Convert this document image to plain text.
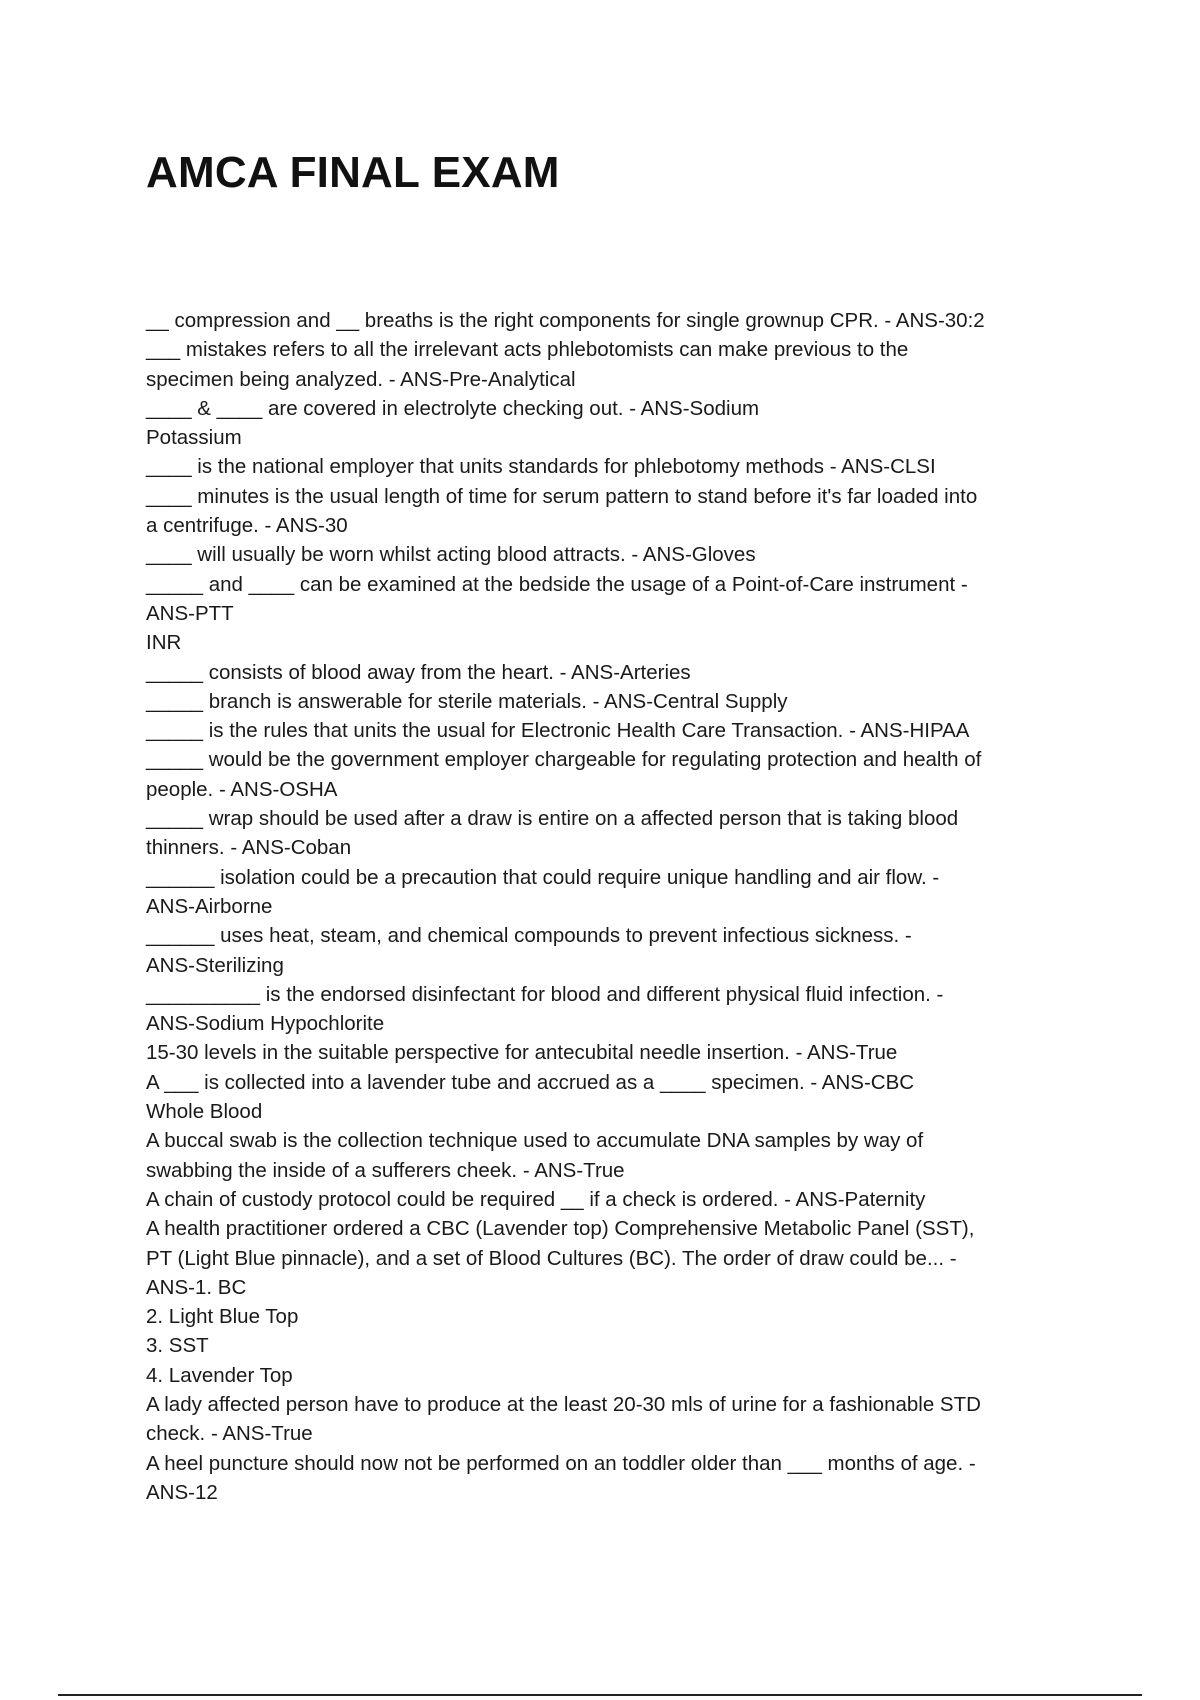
AMCA FINAL EXAM
__ compression and __ breaths is the right components for single grownup CPR. - ANS-30:2
___ mistakes refers to all the irrelevant acts phlebotomists can make previous to the
specimen being analyzed. - ANS-Pre-Analytical
____ & ____ are covered in electrolyte checking out. - ANS-Sodium
Potassium
____ is the national employer that units standards for phlebotomy methods - ANS-CLSI
____ minutes is the usual length of time for serum pattern to stand before it's far loaded into
a centrifuge. - ANS-30
____ will usually be worn whilst acting blood attracts. - ANS-Gloves
_____ and ____ can be examined at the bedside the usage of a Point-of-Care instrument -
ANS-PTT
INR
_____ consists of blood away from the heart. - ANS-Arteries
_____ branch is answerable for sterile materials. - ANS-Central Supply
_____ is the rules that units the usual for Electronic Health Care Transaction. - ANS-HIPAA
_____ would be the government employer chargeable for regulating protection and health of
people. - ANS-OSHA
_____ wrap should be used after a draw is entire on a affected person that is taking blood
thinners. - ANS-Coban
______ isolation could be a precaution that could require unique handling and air flow. -
ANS-Airborne
______ uses heat, steam, and chemical compounds to prevent infectious sickness. -
ANS-Sterilizing
__________ is the endorsed disinfectant for blood and different physical fluid infection. -
ANS-Sodium Hypochlorite
15-30 levels in the suitable perspective for antecubital needle insertion. - ANS-True
A ___ is collected into a lavender tube and accrued as a ____ specimen. - ANS-CBC
Whole Blood
A buccal swab is the collection technique used to accumulate DNA samples by way of
swabbing the inside of a sufferers cheek. - ANS-True
A chain of custody protocol could be required __ if a check is ordered. - ANS-Paternity
A health practitioner ordered a CBC (Lavender top) Comprehensive Metabolic Panel (SST),
PT (Light Blue pinnacle), and a set of Blood Cultures (BC). The order of draw could be... -
ANS-1. BC
2. Light Blue Top
3. SST
4. Lavender Top
A lady affected person have to produce at the least 20-30 mls of urine for a fashionable STD
check. - ANS-True
A heel puncture should now not be performed on an toddler older than ___ months of age. -
ANS-12
